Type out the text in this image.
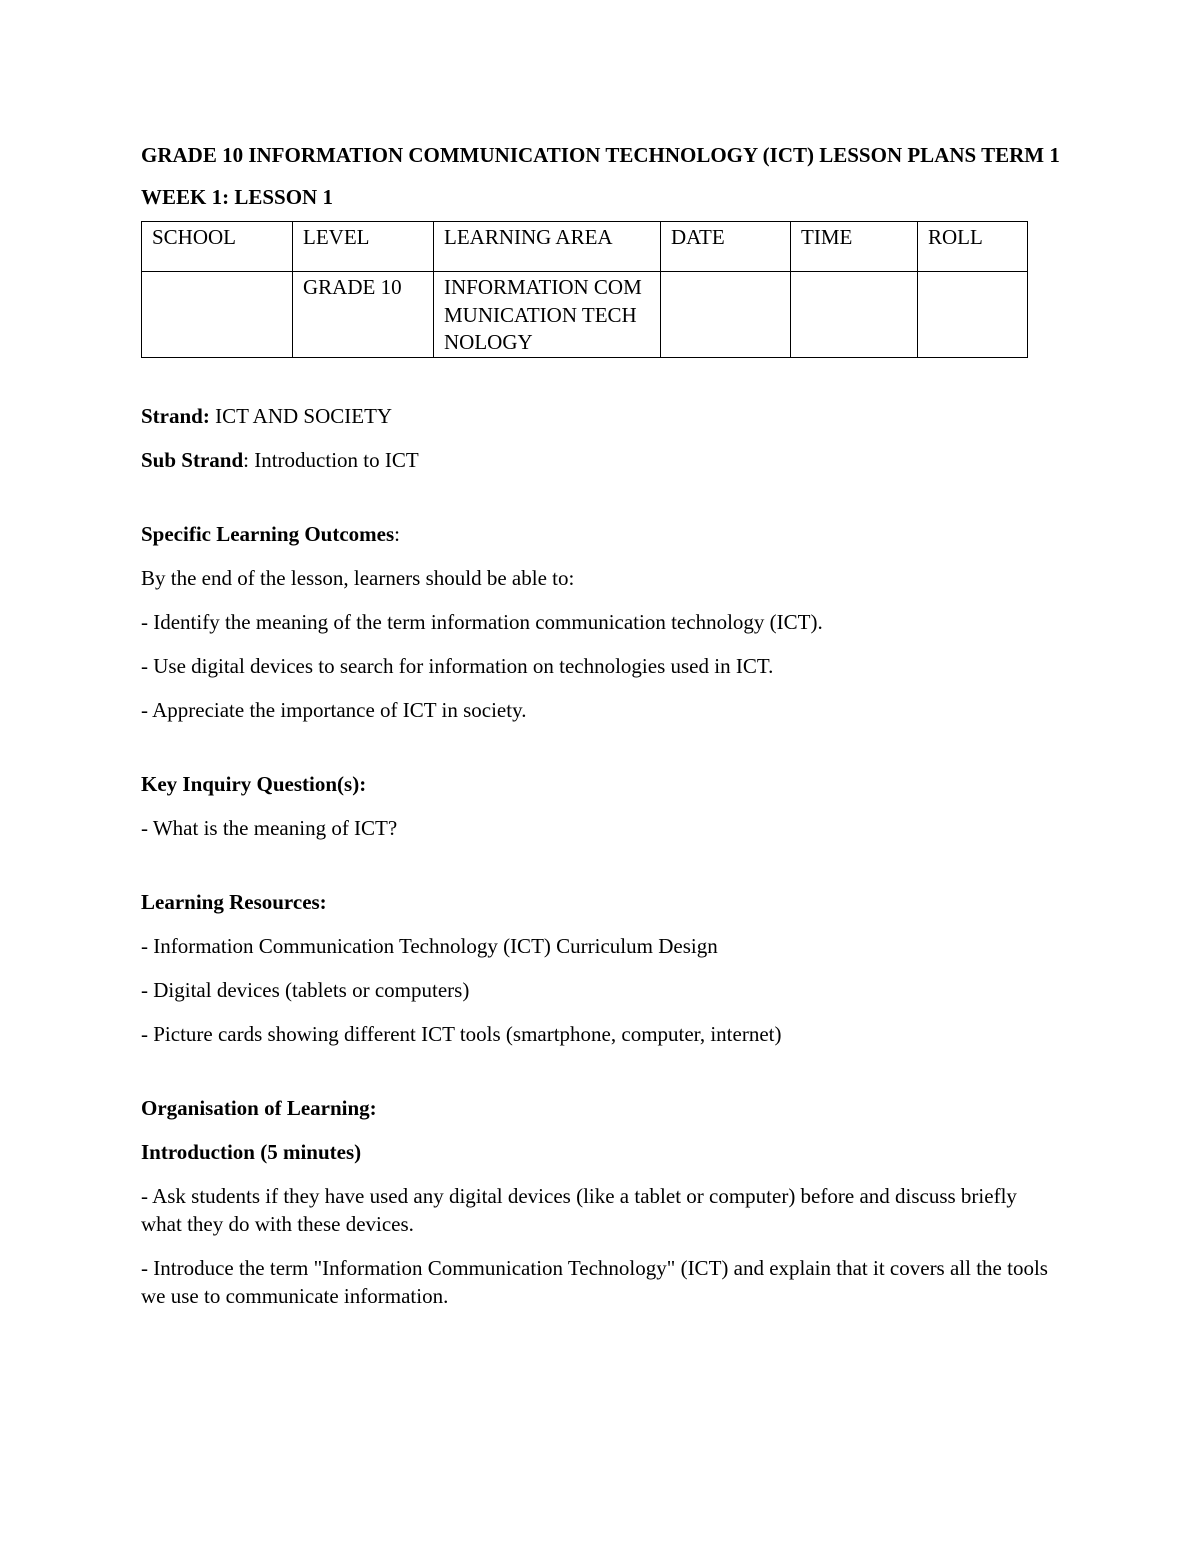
GRADE 10 INFORMATION COMMUNICATION TECHNOLOGY (ICT) LESSON PLANS TERM 1

WEEK 1: LESSON 1

SCHOOL	LEVEL	LEARNING AREA	DATE	TIME	ROLL
	GRADE 10	INFORMATION COMMUNICATION TECHNOLOGY			

Strand: ICT AND SOCIETY

Sub Strand: Introduction to ICT

Specific Learning Outcomes:

By the end of the lesson, learners should be able to:

- Identify the meaning of the term information communication technology (ICT).

- Use digital devices to search for information on technologies used in ICT.

- Appreciate the importance of ICT in society.

Key Inquiry Question(s):

- What is the meaning of ICT?

Learning Resources:

- Information Communication Technology (ICT) Curriculum Design

- Digital devices (tablets or computers)

- Picture cards showing different ICT tools (smartphone, computer, internet)

Organisation of Learning:

Introduction (5 minutes)

- Ask students if they have used any digital devices (like a tablet or computer) before and discuss briefly what they do with these devices.

- Introduce the term "Information Communication Technology" (ICT) and explain that it covers all the tools we use to communicate information.
